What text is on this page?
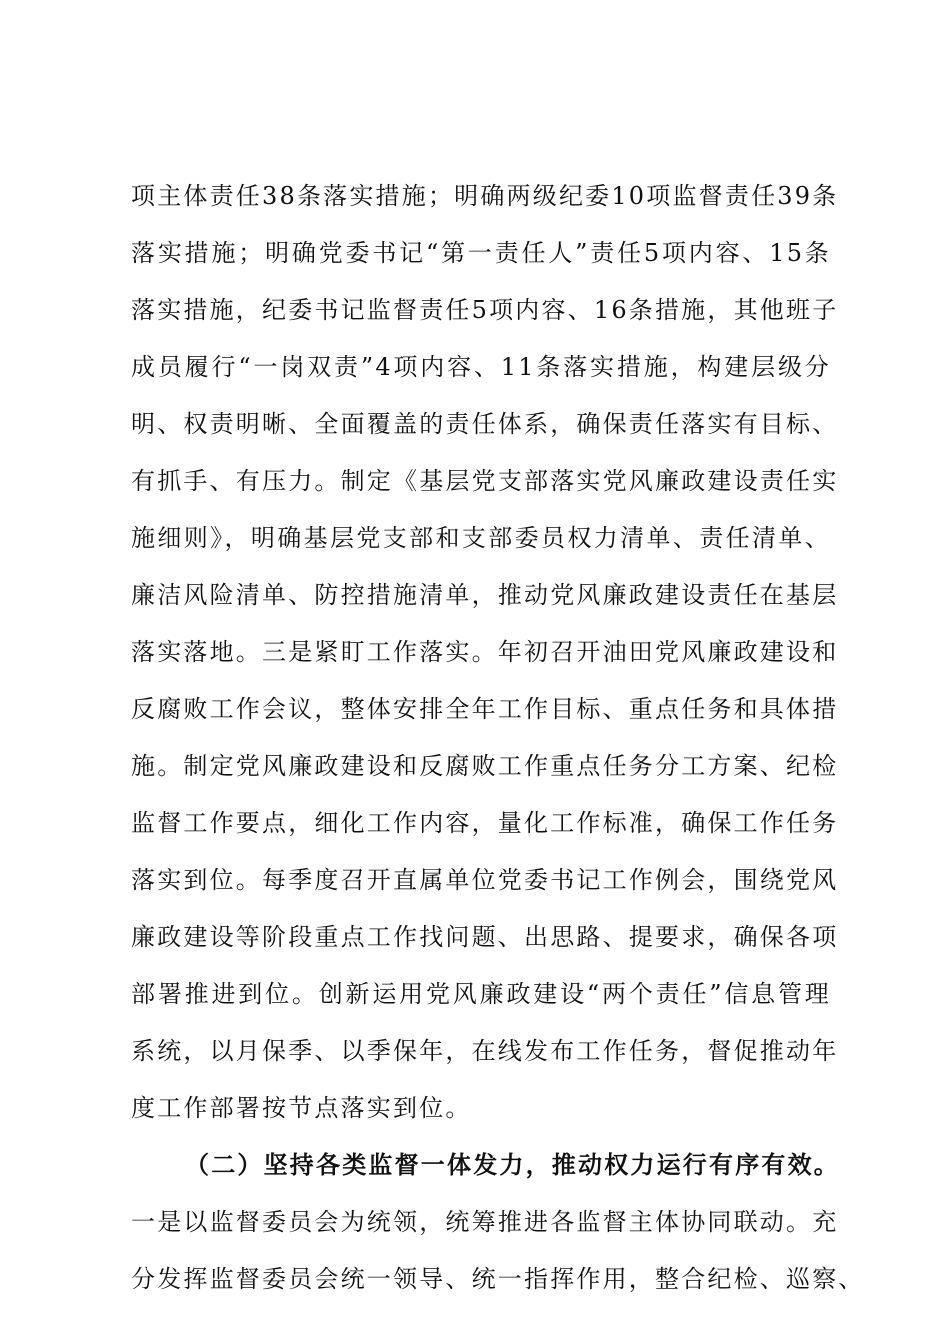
项主体责任38条落实措施；明确两级纪委10项监督责任39条
落实措施；明确党委书记“第一责任人”责任5项内容、15条
落实措施，纪委书记监督责任5项内容、16条措施，其他班子
成员履行“一岗双责”4项内容、11条落实措施，构建层级分
明、权责明晰、全面覆盖的责任体系，确保责任落实有目标、
有抓手、有压力。制定《基层党支部落实党风廉政建设责任实
施细则》，明确基层党支部和支部委员权力清单、责任清单、
廉洁风险清单、防控措施清单，推动党风廉政建设责任在基层
落实落地。三是紧盯工作落实。年初召开油田党风廉政建设和
反腐败工作会议，整体安排全年工作目标、重点任务和具体措
施。制定党风廉政建设和反腐败工作重点任务分工方案、纪检
监督工作要点，细化工作内容，量化工作标准，确保工作任务
落实到位。每季度召开直属单位党委书记工作例会，围绕党风
廉政建设等阶段重点工作找问题、出思路、提要求，确保各项
部署推进到位。创新运用党风廉政建设“两个责任”信息管理
系统，以月保季、以季保年，在线发布工作任务，督促推动年
度工作部署按节点落实到位。
（二）坚持各类监督一体发力，推动权力运行有序有效。
一是以监督委员会为统领，统筹推进各监督主体协同联动。充
分发挥监督委员会统一领导、统一指挥作用，整合纪检、巡察、
